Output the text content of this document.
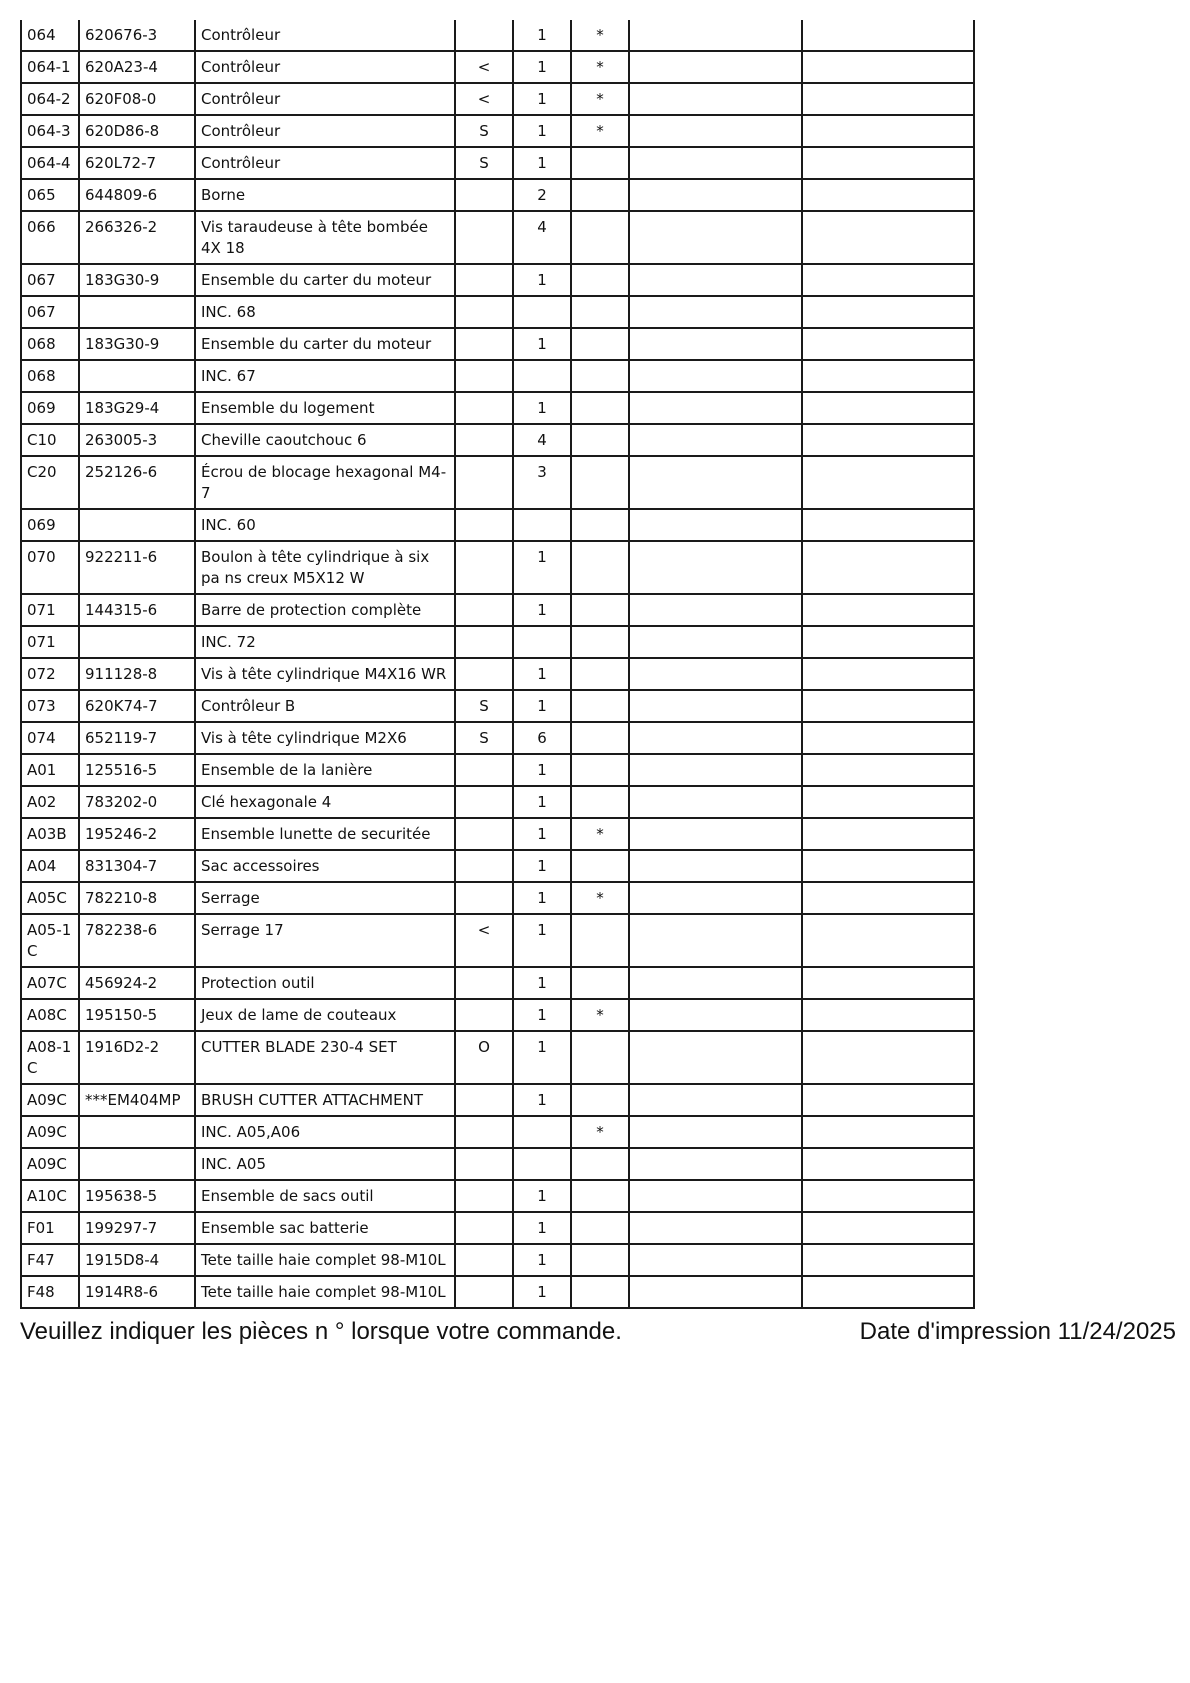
064	620676-3	Contrôleur		1	*		
064-1	620A23-4	Contrôleur	<	1	*		
064-2	620F08-0	Contrôleur	<	1	*		
064-3	620D86-8	Contrôleur	S	1	*		
064-4	620L72-7	Contrôleur	S	1			
065	644809-6	Borne		2			
066	266326-2	Vis taraudeuse à tête bombée 4X 18		4			
067	183G30-9	Ensemble du carter du moteur		1			
067		INC. 68					
068	183G30-9	Ensemble du carter du moteur		1			
068		INC. 67					
069	183G29-4	Ensemble du logement		1			
C10	263005-3	Cheville caoutchouc 6		4			
C20	252126-6	Écrou de blocage hexagonal M4- 7		3			
069		INC. 60					
070	922211-6	Boulon à tête cylindrique à six pa ns creux M5X12 W		1			
071	144315-6	Barre de protection complète		1			
071		INC. 72					
072	911128-8	Vis à tête cylindrique M4X16 WR		1			
073	620K74-7	Contrôleur B	S	1			
074	652119-7	Vis à tête cylindrique M2X6	S	6			
A01	125516-5	Ensemble de la lanière		1			
A02	783202-0	Clé hexagonale 4		1			
A03B	195246-2	Ensemble lunette de securitée		1	*		
A04	831304-7	Sac accessoires		1			
A05C	782210-8	Serrage		1	*		
A05-1 C	782238-6	Serrage 17	<	1			
A07C	456924-2	Protection outil		1			
A08C	195150-5	Jeux de lame de couteaux		1	*		
A08-1 C	1916D2-2	CUTTER BLADE 230-4 SET	O	1			
A09C	***EM404MP	BRUSH CUTTER ATTACHMENT		1			
A09C		INC. A05,A06			*		
A09C		INC. A05					
A10C	195638-5	Ensemble de sacs outil		1			
F01	199297-7	Ensemble sac batterie		1			
F47	1915D8-4	Tete taille haie complet 98-M10L		1			
F48	1914R8-6	Tete taille haie complet 98-M10L		1			
Veuillez indiquer les pièces n ° lorsque votre commande.	Date d'impression 11/24/2025
